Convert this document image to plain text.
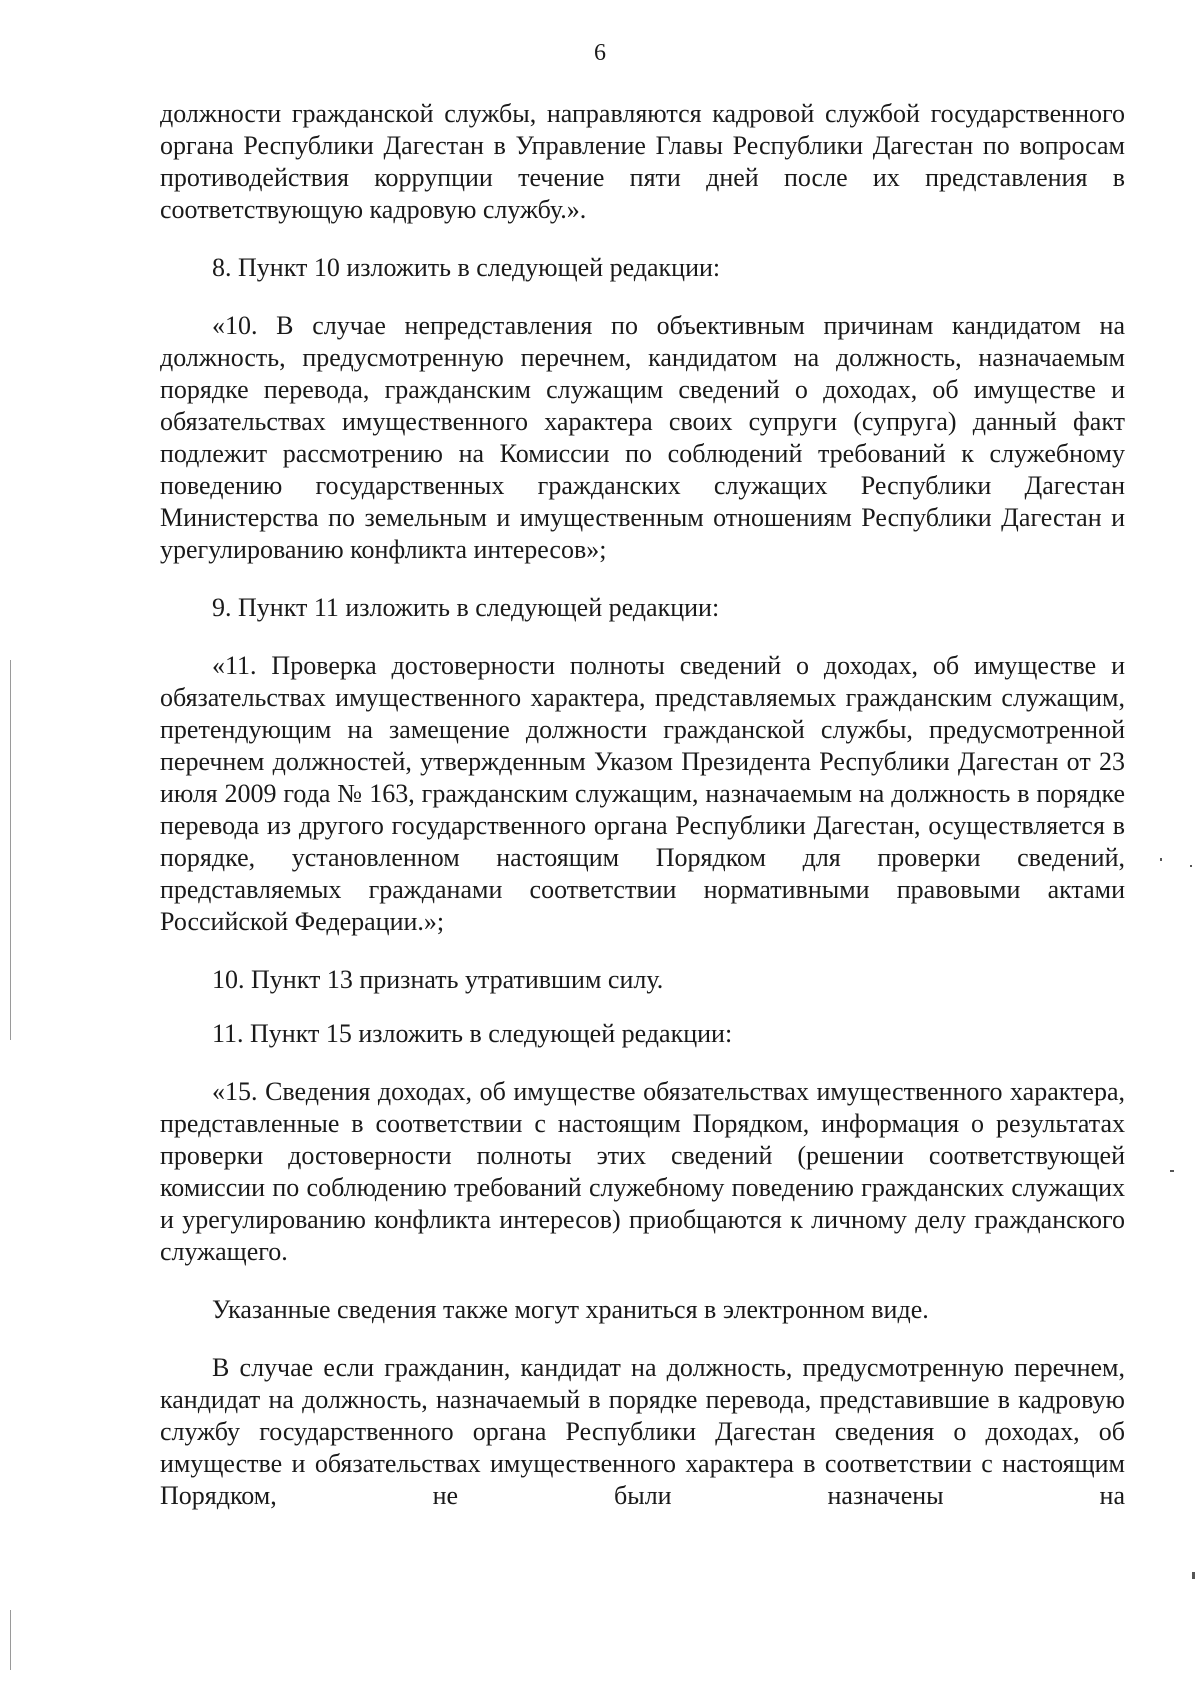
6

должности гражданской службы, направляются кадровой службой государственного органа Республики Дагестан в Управление Главы Республики Дагестан по вопросам противодействия коррупции течение пяти дней после их представления в соответствующую кадровую службу.».

8. Пункт 10 изложить в следующей редакции:

«10. В случае непредставления по объективным причинам кандидатом на должность, предусмотренную перечнем, кандидатом на должность, назначаемым порядке перевода, гражданским служащим сведений о доходах, об имуществе и обязательствах имущественного характера своих супруги (супруга) данный факт подлежит рассмотрению на Комиссии по соблюдений требований к служебному поведению государственных гражданских служащих Республики Дагестан Министерства по земельным и имущественным отношениям Республики Дагестан и урегулированию конфликта интересов»;

9. Пункт 11 изложить в следующей редакции:

«11. Проверка достоверности полноты сведений о доходах, об имуществе и обязательствах имущественного характера, представляемых гражданским служащим, претендующим на замещение должности гражданской службы, предусмотренной перечнем должностей, утвержденным Указом Президента Республики Дагестан от 23 июля 2009 года № 163, гражданским служащим, назначаемым на должность в порядке перевода из другого государственного органа Республики Дагестан, осуществляется в порядке, установленном настоящим Порядком для проверки сведений, представляемых гражданами соответствии нормативными правовыми актами Российской Федерации.»;

10. Пункт 13 признать утратившим силу.

11. Пункт 15 изложить в следующей редакции:

«15. Сведения доходах, об имуществе обязательствах имущественного характера, представленные в соответствии с настоящим Порядком, информация о результатах проверки достоверности полноты этих сведений (решении соответствующей комиссии по соблюдению требований служебному поведению гражданских служащих и урегулированию конфликта интересов) приобщаются к личному делу гражданского служащего.

Указанные сведения также могут храниться в электронном виде.

В случае если гражданин, кандидат на должность, предусмотренную перечнем, кандидат на должность, назначаемый в порядке перевода, представившие в кадровую службу государственного органа Республики Дагестан сведения о доходах, об имуществе и обязательствах имущественного характера в соответствии с настоящим Порядком, не были назначены на
